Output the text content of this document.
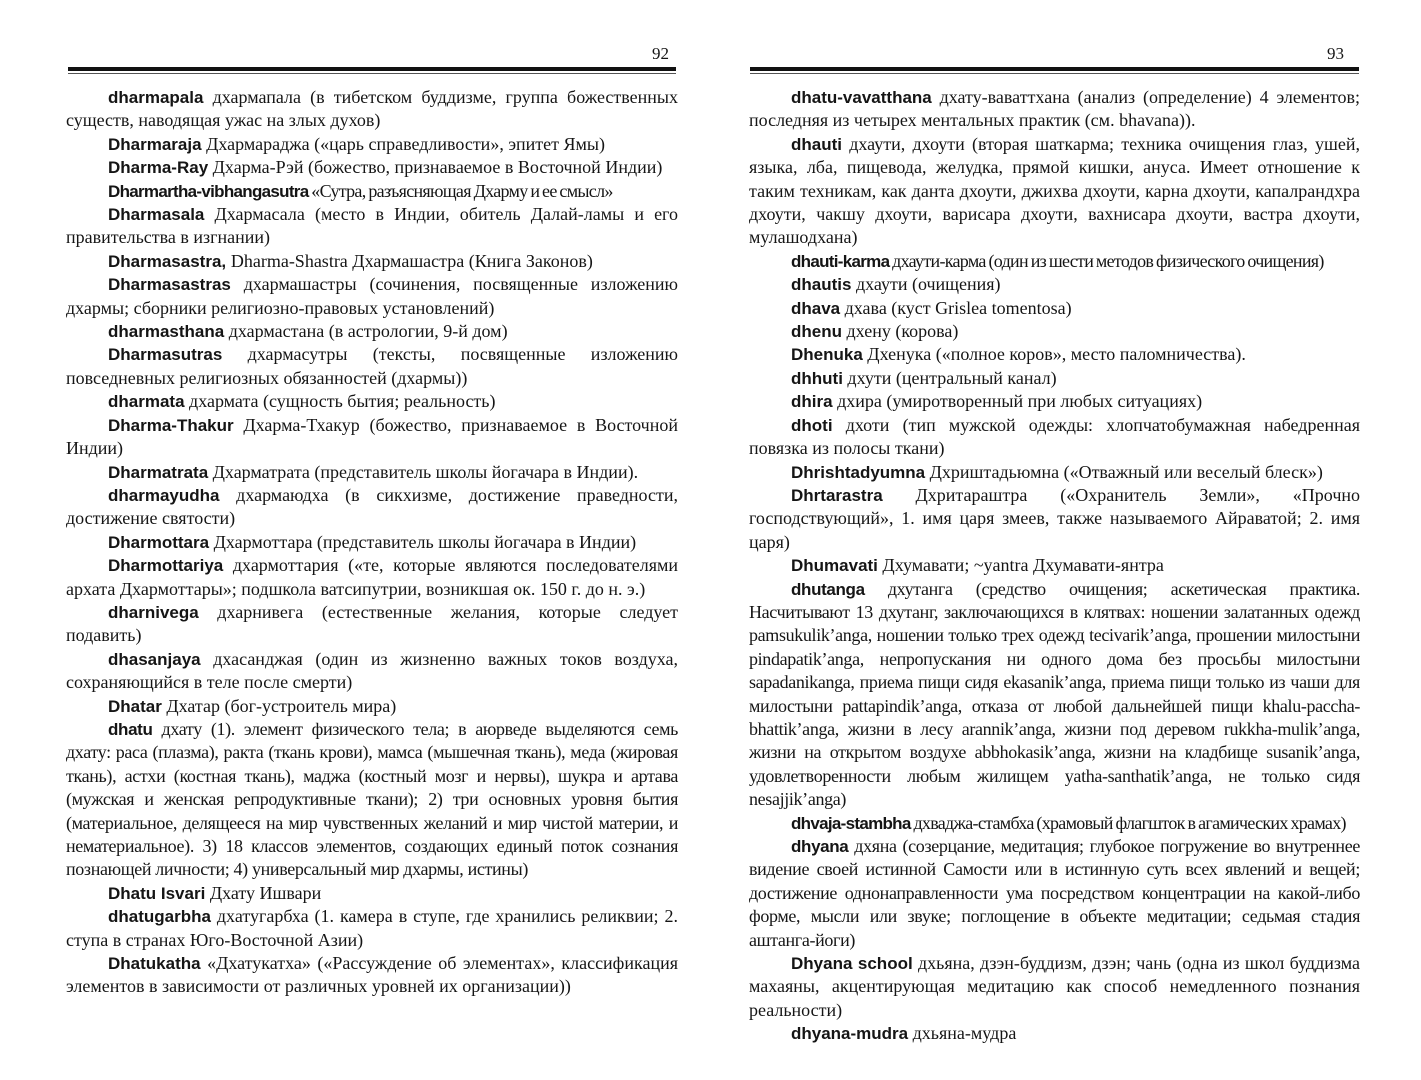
92

dharmapala дхармапала (в тибетском буддизме, группа божественных существ, наводящая ужас на злых духов)

Dharmaraja Дхармараджа («царь справедливости», эпитет Ямы)

Dharma-Ray Дхарма-Рэй (божество, признаваемое в Восточной Индии)

Dharmartha-vibhangasutra «Сутра, разъясняющая Дхарму и ее смысл»

Dharmasala Дхармасала (место в Индии, обитель Далай-ламы и его правительства в изгнании)

Dharmasastra, Dharma-Shastra Дхармашастра (Книга Законов)

Dharmasastras дхармашастры (сочинения, посвященные изложению дхармы; сборники религиозно-правовых установлений)

dharmasthana дхармастана (в астрологии, 9-й дом)

Dharmasutras дхармасутры (тексты, посвященные изложению повседневных религиозных обязанностей (дхармы))

dharmata дхармата (сущность бытия; реальность)

Dharma-Thakur Дхарма-Тхакур (божество, признаваемое в Восточной Индии)

Dharmatrata Дхарматрата (представитель школы йогачара в Индии).

dharmayudha дхармаюдха (в сикхизме, достижение праведности, достижение святости)

Dharmottara Дхармоттара (представитель школы йогачара в Индии)

Dharmottariya дхармоттария («те, которые являются последователями архата Дхармоттары»; подшкола ватсипутрии, возникшая ок. 150 г. до н. э.)

dharnivega дхарнивега (естественные желания, которые следует подавить)

dhasanjaya дхасанджая (один из жизненно важных токов воздуха, сохраняющийся в теле после смерти)

Dhatar Дхатар (бог-устроитель мира)

dhatu дхату (1). элемент физического тела; в аюрведе выделяются семь дхату: раса (плазма), ракта (ткань крови), мамса (мышечная ткань), меда (жировая ткань), астхи (костная ткань), маджа (костный мозг и нервы), шукра и артава (мужская и женская репродуктивные ткани); 2) три основных уровня бытия (материальное, делящееся на мир чувственных желаний и мир чистой материи, и нематериальное). 3) 18 классов элементов, создающих единый поток сознания познающей личности; 4) универсальный мир дхармы, истины)

Dhatu Isvari Дхату Ишвари

dhatugarbha дхатугарбха (1. камера в ступе, где хранились реликвии; 2. ступа в странах Юго-Восточной Азии)

Dhatukatha «Дхатукатха» («Рассуждение об элементах», классификация элементов в зависимости от различных уровней их организации))

93

dhatu-vavatthana дхату-ваваттхана (анализ (определение) 4 элементов; последняя из четырех ментальных практик (см. bhavana)).

dhauti дхаути, дхоути (вторая шаткарма; техника очищения глаз, ушей, языка, лба, пищевода, желудка, прямой кишки, ануса. Имеет отношение к таким техникам, как данта дхоути, джихва дхоути, карна дхоути, капалрандхра дхоути, чакшу дхоути, варисара дхоути, вахнисара дхоути, вастра дхоути, мулашодхана)

dhauti-karma дхаути-карма (один из шести методов физического очищения)

dhautis дхаути (очищения)

dhava дхава (куст Grislea tomentosa)

dhenu дхену (корова)

Dhenuka Дхенука («полное коров», место паломничества).

dhhuti дхути (центральный канал)

dhira дхира (умиротворенный при любых ситуациях)

dhoti дхоти (тип мужской одежды: хлопчатобумажная набедренная повязка из полосы ткани)

Dhrishtadyumna Дхриштадьюмна («Отважный или веселый блеск»)

Dhrtarastra Дхритараштра («Охранитель Земли», «Прочно господствующий», 1. имя царя змеев, также называемого Айраватой; 2. имя царя)

Dhumavati Дхумавати; ~yantra Дхумавати-янтра

dhutanga дхутанга (средство очищения; аскетическая практика. Насчитывают 13 дхутанг, заключающихся в клятвах: ношении залатанных одежд pamsukulik’anga, ношении только трех одежд tecivarik’anga, прошении милостыни pindapatik’anga, непропускания ни одного дома без просьбы милостыни sapadanikanga, приема пищи сидя ekasanik’anga, приема пищи только из чаши для милостыни pattapindik’anga, отказа от любой дальнейшей пищи khalu-paccha-bhattik’anga, жизни в лесу arannik’anga, жизни под деревом rukkha-mulik’anga, жизни на открытом воздухе abbhokasik’anga, жизни на кладбище susanik’anga, удовлетворенности любым жилищем yatha-santhatik’anga, не только сидя nesajjik’anga)

dhvaja-stambha дхваджа-стамбха (храмовый флагшток в агамических храмах)

dhyana дхяна (созерцание, медитация; глубокое погружение во внутреннее видение своей истинной Самости или в истинную суть всех явлений и вещей; достижение однонаправленности ума посредством концентрации на какой-либо форме, мысли или звуке; поглощение в объекте медитации; седьмая стадия аштанга-йоги)

Dhyana school дхьяна, дзэн-буддизм, дзэн; чань (одна из школ буддизма махаяны, акцентирующая медитацию как способ немедленного познания реальности)

dhyana-mudra дхьяна-мудра
